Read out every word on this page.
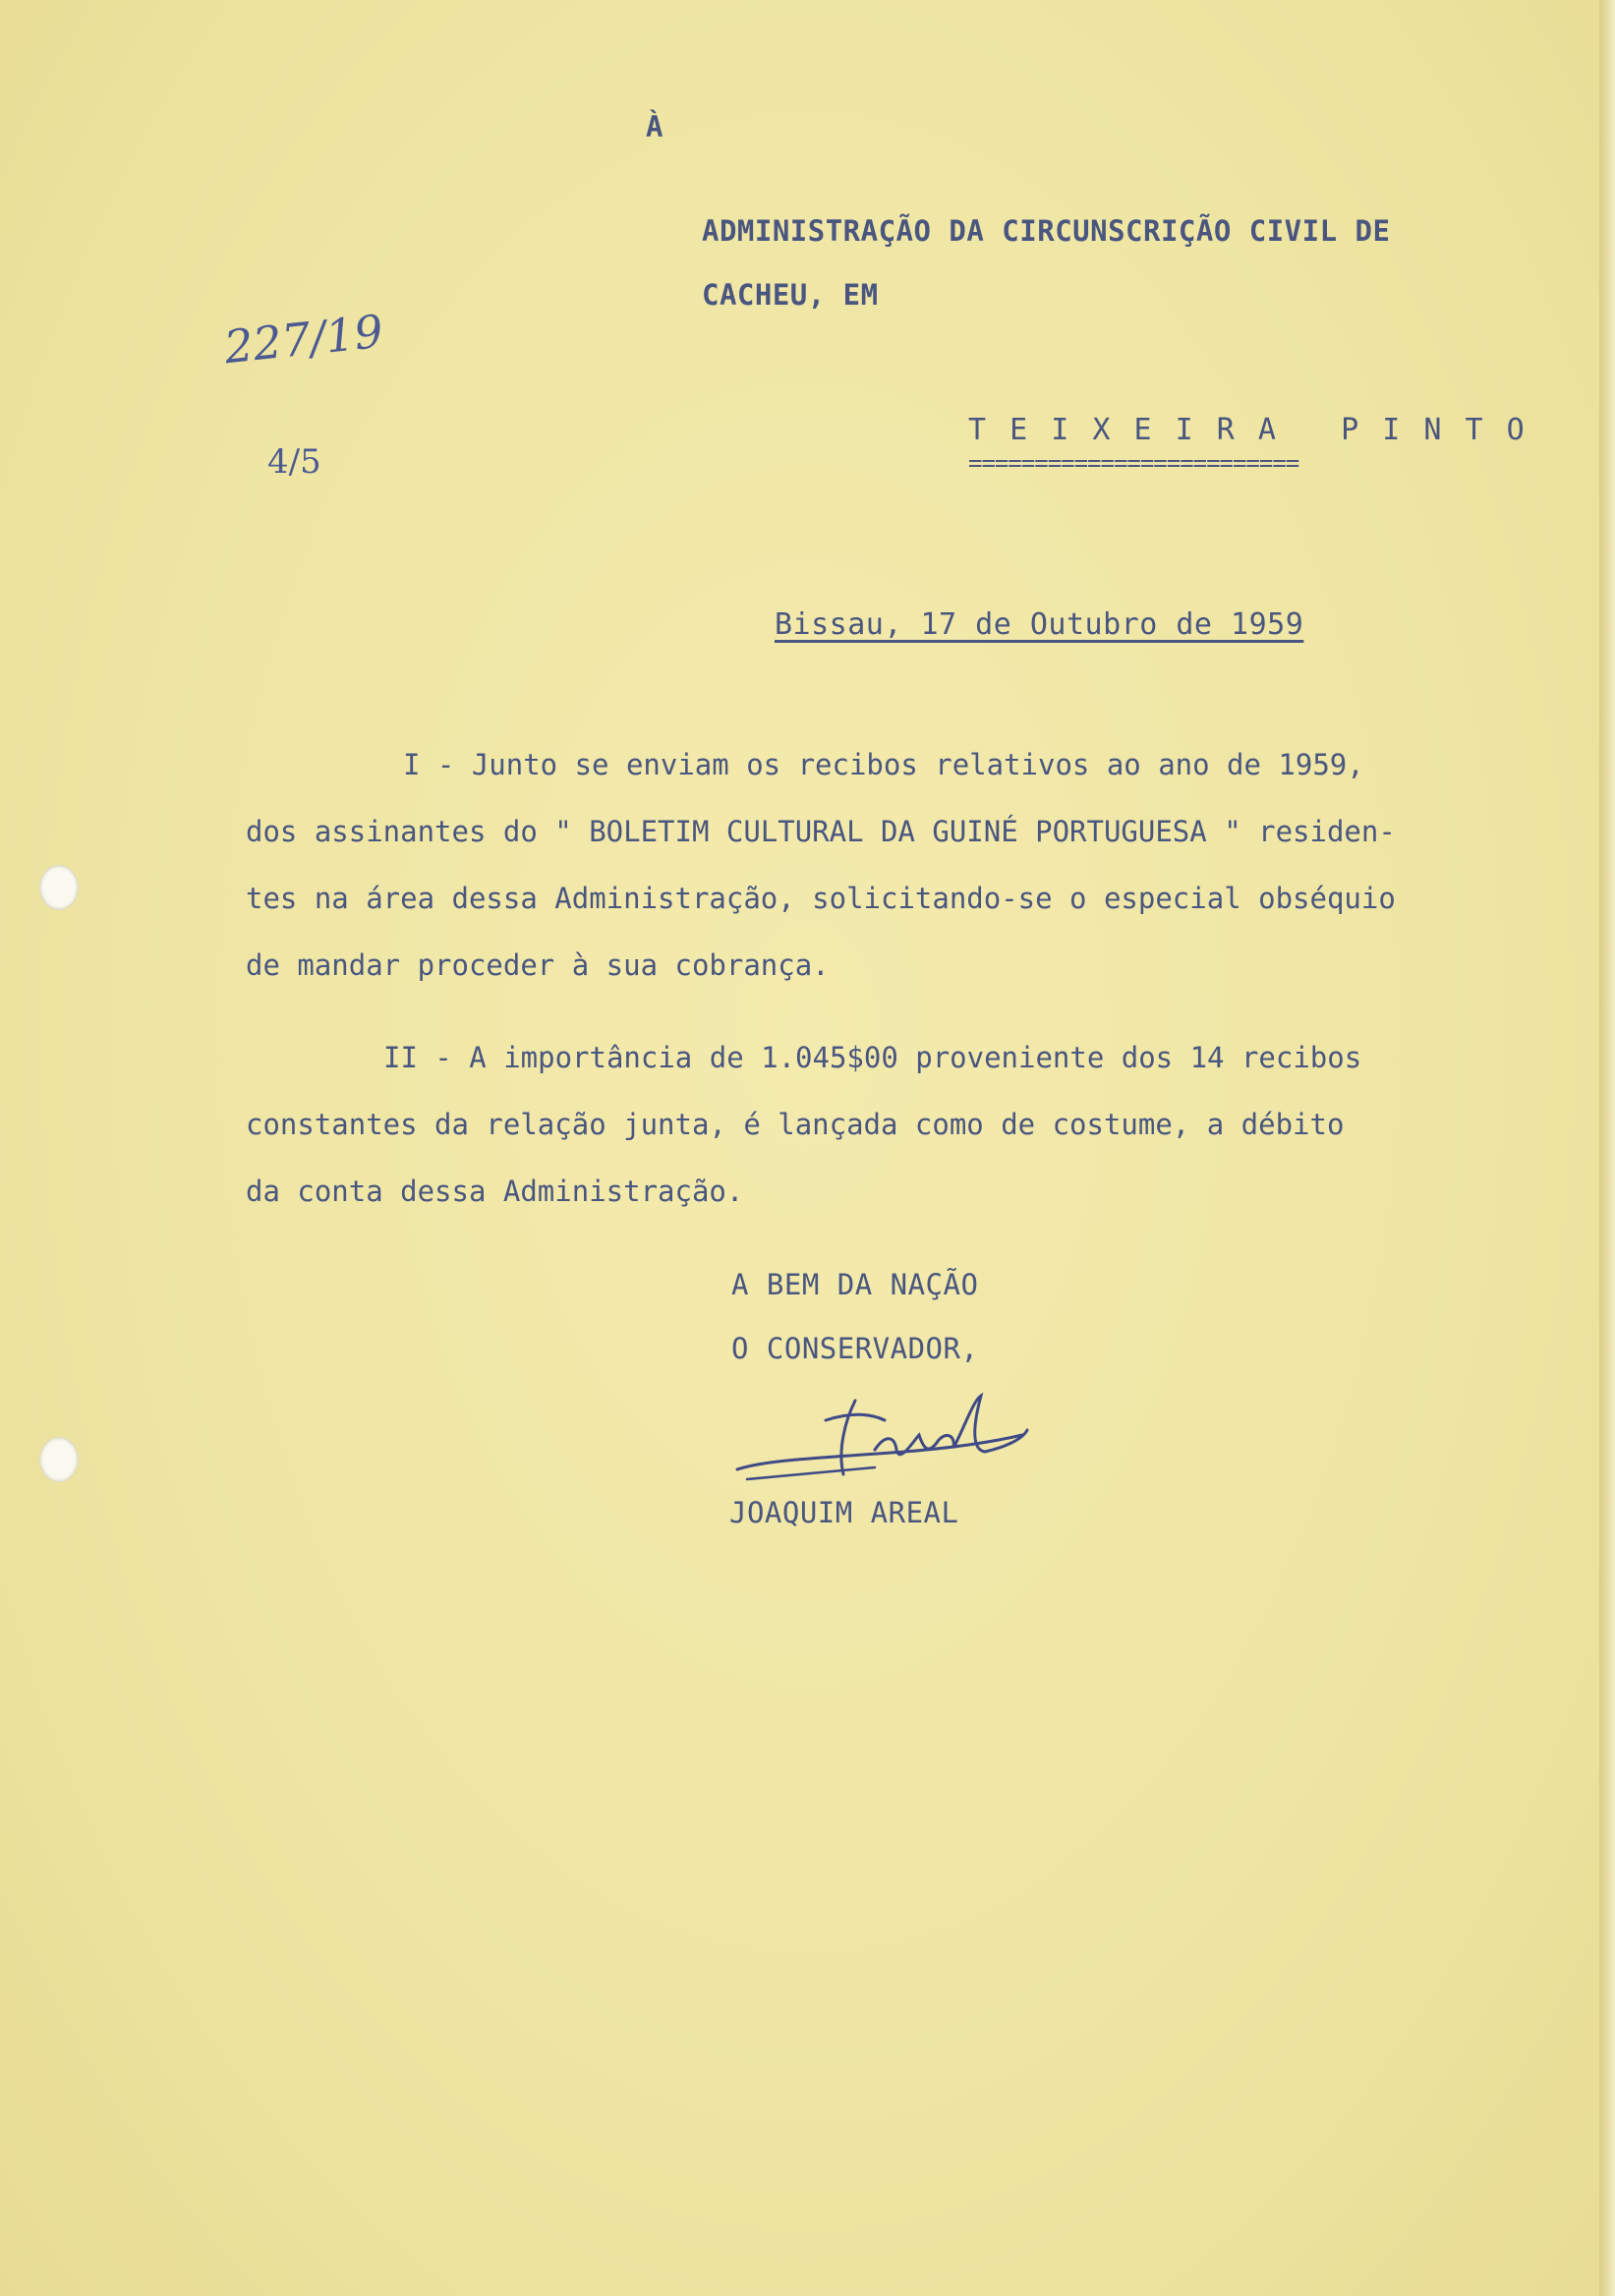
À
ADMINISTRAÇÃO DA CIRCUNSCRIÇÃO CIVIL DE
CACHEU, EM
T E I X E I R A   P I N T O
=========================
227/19
4/5
Bissau, 17 de Outubro de 1959
I - Junto se enviam os recibos relativos ao ano de 1959,
dos assinantes do " BOLETIM CULTURAL DA GUINÉ PORTUGUESA " residen-
tes na área dessa Administração, solicitando-se o especial obséquio
de mandar proceder à sua cobrança.
II - A importância de 1.045$00 proveniente dos 14 recibos
constantes da relação junta, é lançada como de costume, a débito
da conta dessa Administração.
A BEM DA NAÇÃO
O CONSERVADOR,
JOAQUIM AREAL
